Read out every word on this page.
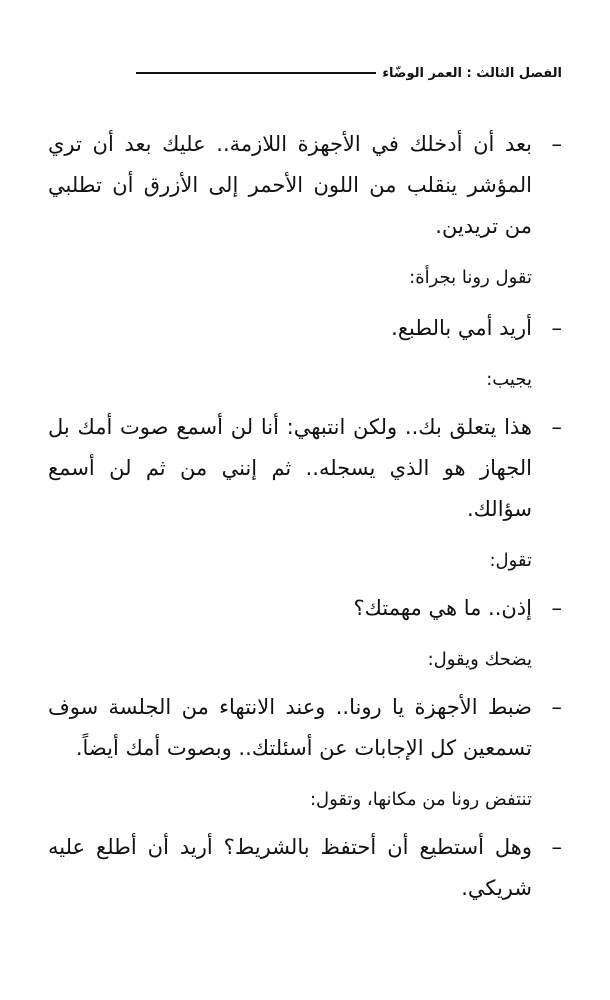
الفصل الثالث : العمر الوضّاء
–
بعد أن أدخلك في الأجهزة اللازمة.. عليك بعد أن تري المؤشر ينقلب من اللون الأحمر إلى الأزرق أن تطلبي من تريدين.
تقول رونا بجرأة:
–
أريد أمي بالطبع.
يجيب:
–
هذا يتعلق بك.. ولكن انتبهي: أنا لن أسمع صوت أمك بل الجهاز هو الذي يسجله.. ثم إنني من ثم لن أسمع سؤالك.
تقول:
–
إذن.. ما هي مهمتك؟
يضحك ويقول:
–
ضبط الأجهزة يا رونا.. وعند الانتهاء من الجلسة سوف تسمعين كل الإجابات عن أسئلتك.. وبصوت أمك أيضاً.
تنتفض رونا من مكانها، وتقول:
–
وهل أستطيع أن أحتفظ بالشريط؟ أريد أن أطلع عليه شريكي.
